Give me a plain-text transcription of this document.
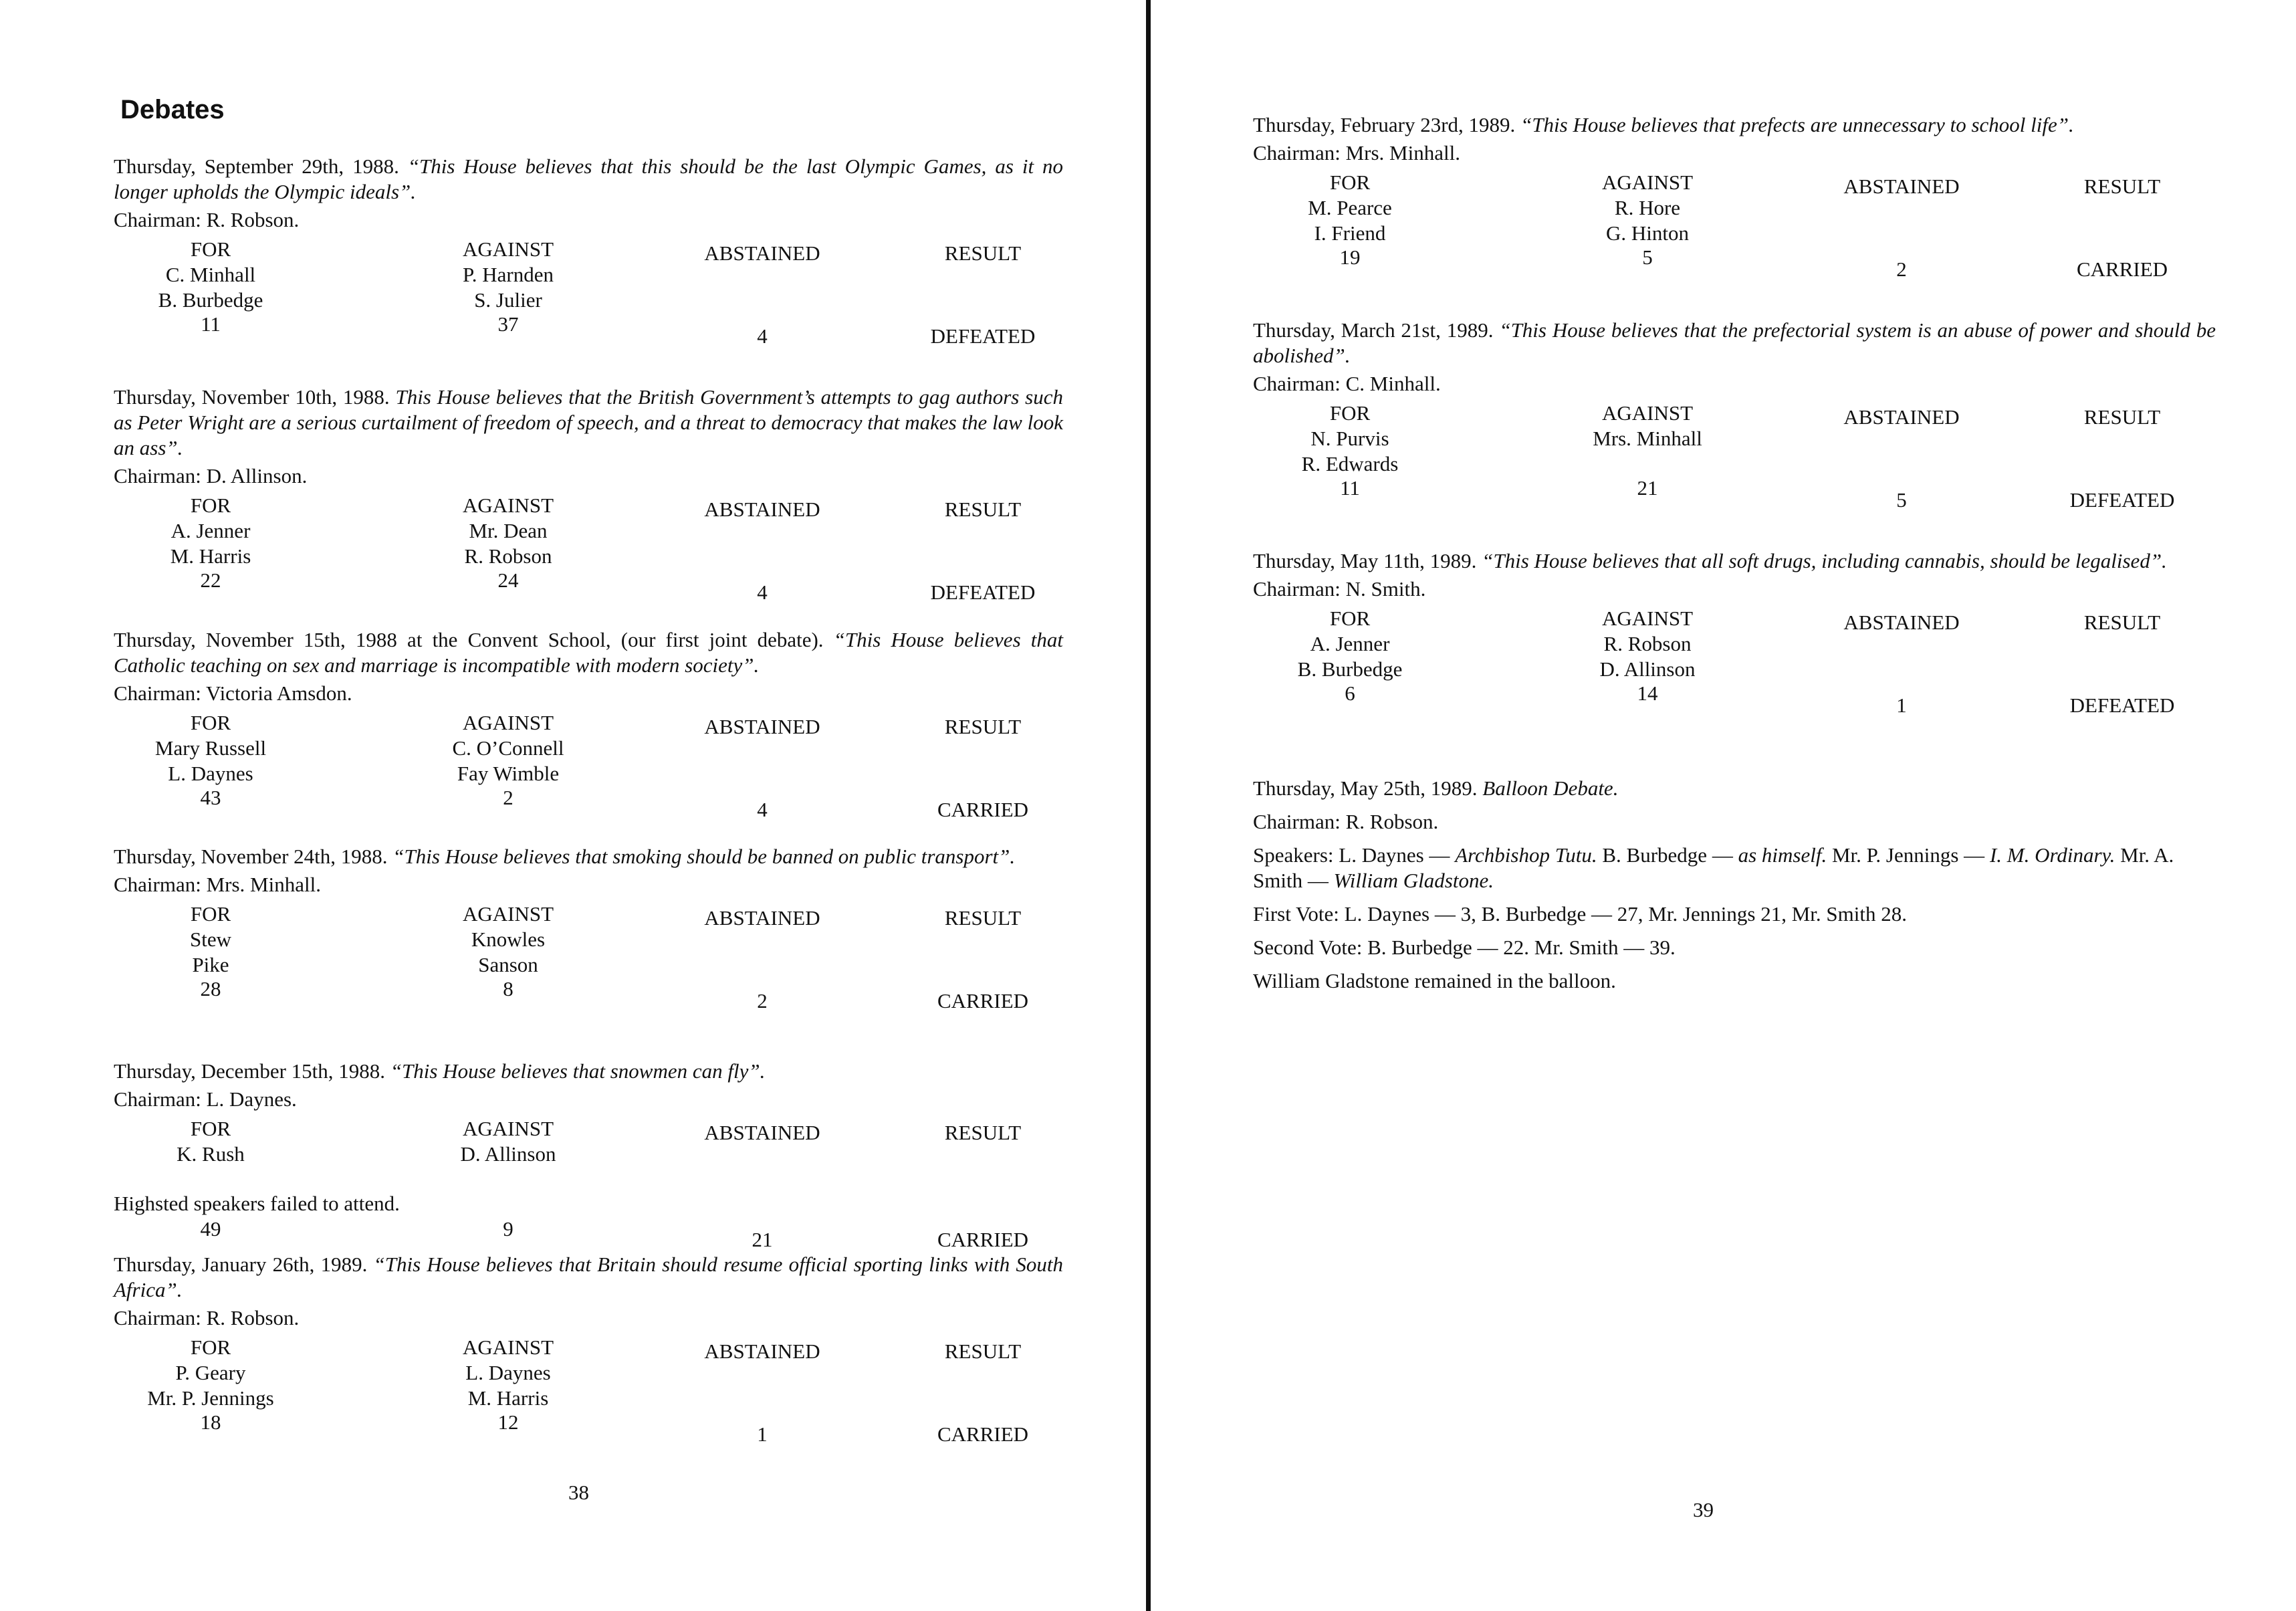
Debates
Thursday, September 29th, 1988. “This House believes that this should be the last Olympic Games, as it no longer upholds the Olympic ideals”.
Chairman: R. Robson.
FOR
C. Minhall
B. Burbedge
11
AGAINST
P. Harnden
S. Julier
37
ABSTAINED
4
RESULT
DEFEATED
Thursday, November 10th, 1988. This House believes that the British Government’s attempts to gag authors such as Peter Wright are a serious curtailment of freedom of speech, and a threat to democracy that makes the law look an ass”.
Chairman: D. Allinson.
FOR
A. Jenner
M. Harris
22
AGAINST
Mr. Dean
R. Robson
24
ABSTAINED
4
RESULT
DEFEATED
Thursday, November 15th, 1988 at the Convent School, (our first joint debate). “This House believes that Catholic teaching on sex and marriage is incompatible with modern society”.
Chairman: Victoria Amsdon.
FOR
Mary Russell
L. Daynes
43
AGAINST
C. O’Connell
Fay Wimble
2
ABSTAINED
4
RESULT
CARRIED
Thursday, November 24th, 1988. “This House believes that smoking should be banned on public transport”.
Chairman: Mrs. Minhall.
FOR
Stew
Pike
28
AGAINST
Knowles
Sanson
8
ABSTAINED
2
RESULT
CARRIED
Thursday, December 15th, 1988. “This House believes that snowmen can fly”.
Chairman: L. Daynes.
FOR
K. Rush
49
Highsted speakers failed to attend.
AGAINST
D. Allinson
9
ABSTAINED
21
RESULT
CARRIED
Thursday, January 26th, 1989. “This House believes that Britain should resume official sporting links with South Africa”.
Chairman: R. Robson.
FOR
P. Geary
Mr. P. Jennings
18
AGAINST
L. Daynes
M. Harris
12
ABSTAINED
1
RESULT
CARRIED
38
Thursday, February 23rd, 1989. “This House believes that prefects are unnecessary to school life”.
Chairman: Mrs. Minhall.
FOR
M. Pearce
I. Friend
19
AGAINST
R. Hore
G. Hinton
5
ABSTAINED
2
RESULT
CARRIED
Thursday, March 21st, 1989. “This House believes that the prefectorial system is an abuse of power and should be abolished”.
Chairman: C. Minhall.
FOR
N. Purvis
R. Edwards
11
AGAINST
Mrs. Minhall
21
ABSTAINED
5
RESULT
DEFEATED
Thursday, May 11th, 1989. “This House believes that all soft drugs, including cannabis, should be legalised”.
Chairman: N. Smith.
FOR
A. Jenner
B. Burbedge
6
AGAINST
R. Robson
D. Allinson
14
ABSTAINED
1
RESULT
DEFEATED
Thursday, May 25th, 1989. Balloon Debate.
Chairman: R. Robson.
Speakers: L. Daynes — Archbishop Tutu. B. Burbedge — as himself. Mr. P. Jennings — I. M. Ordinary. Mr. A. Smith — William Gladstone.
First Vote: L. Daynes — 3, B. Burbedge — 27, Mr. Jennings 21, Mr. Smith 28.
Second Vote: B. Burbedge — 22. Mr. Smith — 39.
William Gladstone remained in the balloon.
39
